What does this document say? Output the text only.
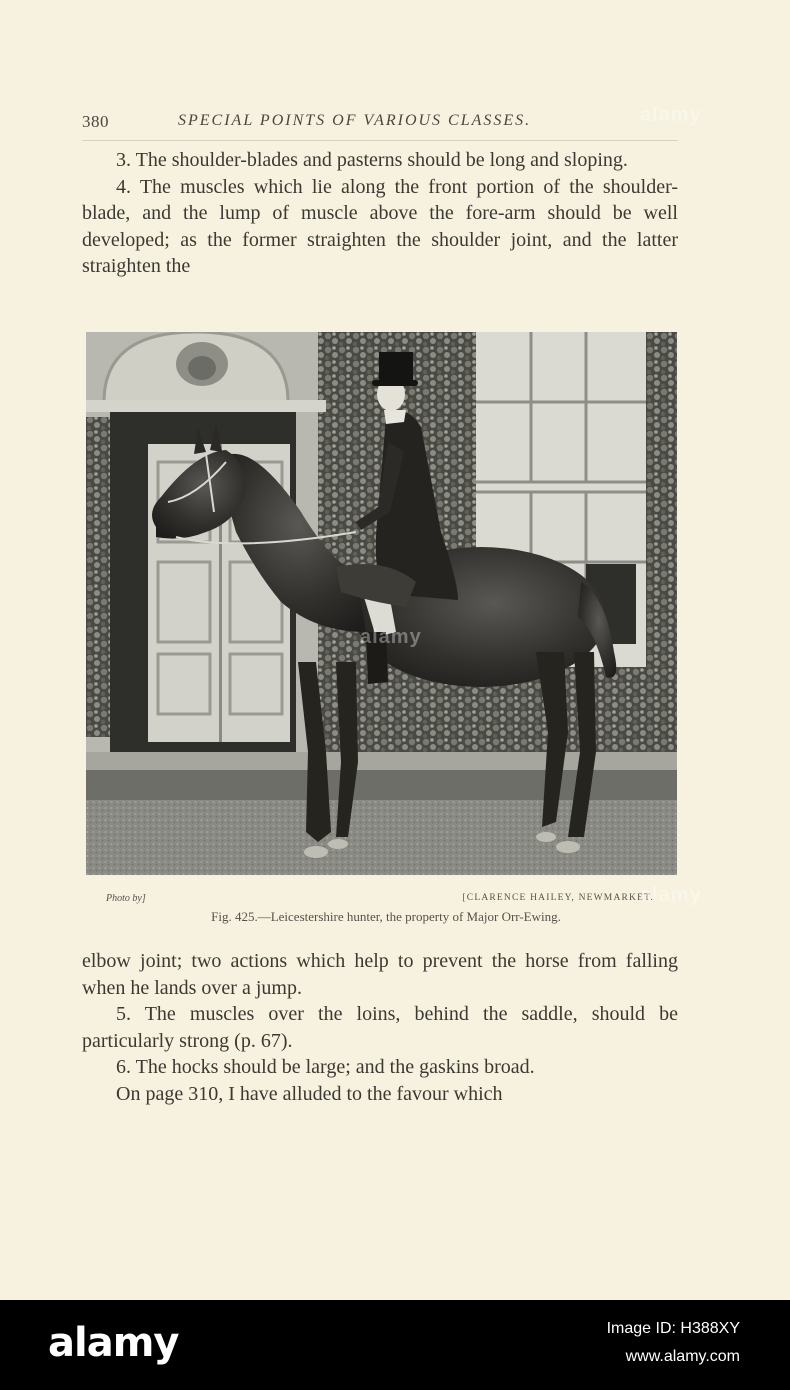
380	SPECIAL POINTS OF VARIOUS CLASSES.

3. The shoulder-blades and pasterns should be long and sloping.

4. The muscles which lie along the front portion of the shoulder-blade, and the lump of muscle above the fore-arm should be well developed; as the former straighten the shoulder joint, and the latter straighten the

Photo by]	[CLARENCE HAILEY, NEWMARKET.
Fig. 425.—Leicestershire hunter, the property of Major Orr-Ewing.

elbow joint; two actions which help to prevent the horse from falling when he lands over a jump.

5. The muscles over the loins, behind the saddle, should be particularly strong (p. 67).

6. The hocks should be large; and the gaskins broad.

On page 310, I have alluded to the favour which

alamy
alamy
alamy
alamy	Image ID: H388XY
www.alamy.com
